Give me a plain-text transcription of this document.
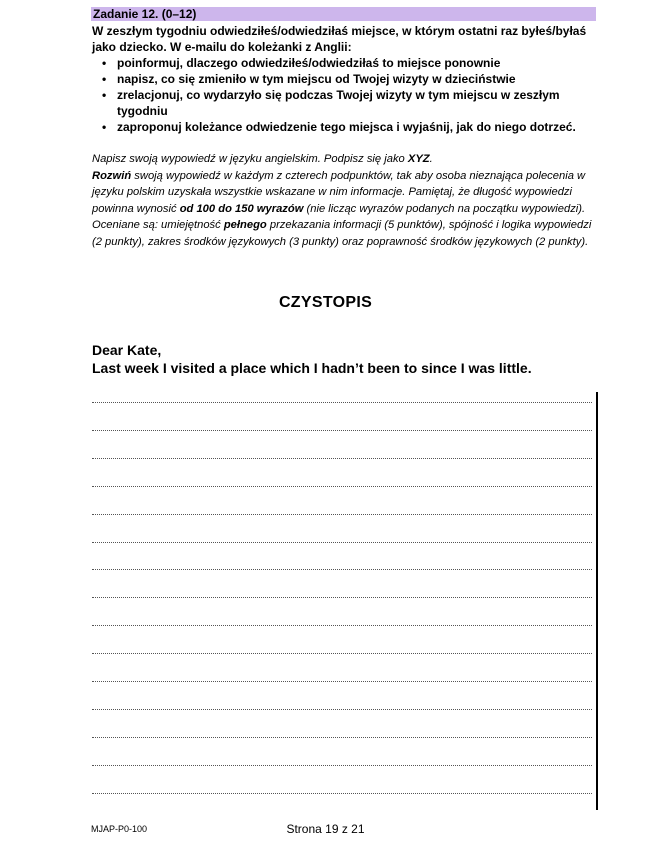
Zadanie 12. (0–12)
W zeszłym tygodniu odwiedziłeś/odwiedziłaś miejsce, w którym ostatni raz byłeś/byłaś jako dziecko. W e-mailu do koleżanki z Anglii:
• poinformuj, dlaczego odwiedziłeś/odwiedziłaś to miejsce ponownie
• napisz, co się zmieniło w tym miejscu od Twojej wizyty w dzieciństwie
• zrelacjonuj, co wydarzyło się podczas Twojej wizyty w tym miejscu w zeszłym tygodniu
• zaproponuj koleżance odwiedzenie tego miejsca i wyjaśnij, jak do niego dotrzeć.
Napisz swoją wypowiedź w języku angielskim. Podpisz się jako XYZ.
Rozwiń swoją wypowiedź w każdym z czterech podpunktów, tak aby osoba nieznająca polecenia w języku polskim uzyskała wszystkie wskazane w nim informacje. Pamiętaj, że długość wypowiedzi powinna wynosić od 100 do 150 wyrazów (nie licząc wyrazów podanych na początku wypowiedzi). Oceniane są: umiejętność pełnego przekazania informacji (5 punktów), spójność i logika wypowiedzi (2 punkty), zakres środków językowych (3 punkty) oraz poprawność środków językowych (2 punkty).
CZYSTOPIS
Dear Kate,
Last week I visited a place which I hadn’t been to since I was little.
MJAP-P0-100	Strona 19 z 21
